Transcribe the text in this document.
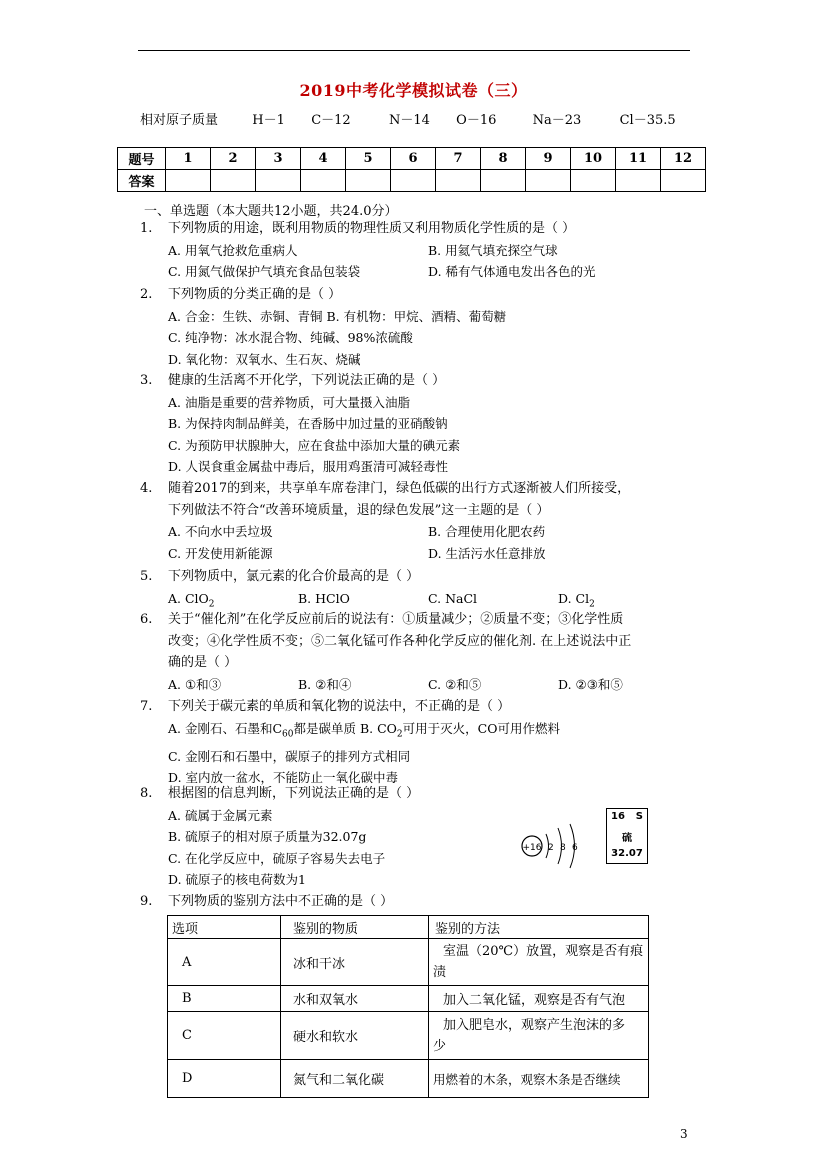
2019中考化学模拟试卷（三）
相对原子质量	H－1 C－12	N－14 O－16	Na－23	Cl－35.5
题号	1	2	3	4	5	6	7	8	9	10	11	12
答案												
一、单选题（本大题共12小题，共24.0分）
1.	下列物质的用途，既利用物质的物理性质又利用物质化学性质的是（ ）
A. 用氧气抢救危重病人	B. 用氦气填充探空气球
C. 用氮气做保护气填充食品包装袋	D. 稀有气体通电发出各色的光
2.	下列物质的分类正确的是（ ）
A. 合金：生铁、赤铜、青铜 B. 有机物：甲烷、酒精、葡萄糖
C. 纯净物：冰水混合物、纯碱、98%浓硫酸
D. 氧化物：双氧水、生石灰、烧碱
3.	健康的生活离不开化学，下列说法正确的是（ ）
A. 油脂是重要的营养物质，可大量摄入油脂
B. 为保持肉制品鲜美，在香肠中加过量的亚硝酸钠
C. 为预防甲状腺肿大，应在食盐中添加大量的碘元素
D. 人误食重金属盐中毒后，服用鸡蛋清可减轻毒性
4.	随着2017的到来，共享单车席卷津门，绿色低碳的出行方式逐渐被人们所接受，
下列做法不符合“改善环境质量，退的绿色发展”这一主题的是（ ）
A. 不向水中丢垃圾	B. 合理使用化肥农药
C. 开发使用新能源	D. 生活污水任意排放
5.	下列物质中，氯元素的化合价最高的是（ ）
A. ClO$_2$	B. HClO	C. NaCl	D. $Cl_2$
6.	关于“催化剂”在化学反应前后的说法有：①质量减少；②质量不变；③化学性质
改变；④化学性质不变；⑤二氧化锰可作各种化学反应的催化剂. 在上述说法中正
确的是（ ）
A. ①和③	B. ②和④	C. ②和⑤	D. ②③和⑤
7.	下列关于碳元素的单质和氧化物的说法中，不正确的是（ ）
A. 金刚石、石墨和$C_{60}$都是碳单质 B. $CO_2$可用于灭火，CO可用作燃料
C. 金刚石和石墨中，碳原子的排列方式相同
D. 室内放一盆水，不能防止一氧化碳中毒
8.	根据图的信息判断，下列说法正确的是（ ）
A. 硫属于金属元素
B. 硫原子的相对原子质量为32.07g
C. 在化学反应中，硫原子容易失去电子
D. 硫原子的核电荷数为1
+16 2 8 6
16 S
硫
32.07
9.	下列物质的鉴别方法中不正确的是（ ）
选项	鉴别的物质	鉴别的方法
A	冰和干冰	室温（20℃）放置，观察是否有痕
渍

B	水和双氧水	加入二氧化锰，观察是否有气泡
C	硬水和软水	加入肥皂水，观察产生泡沫的多
少

D	氮气和二氧化碳	用燃着的木条，观察木条是否继续
3
